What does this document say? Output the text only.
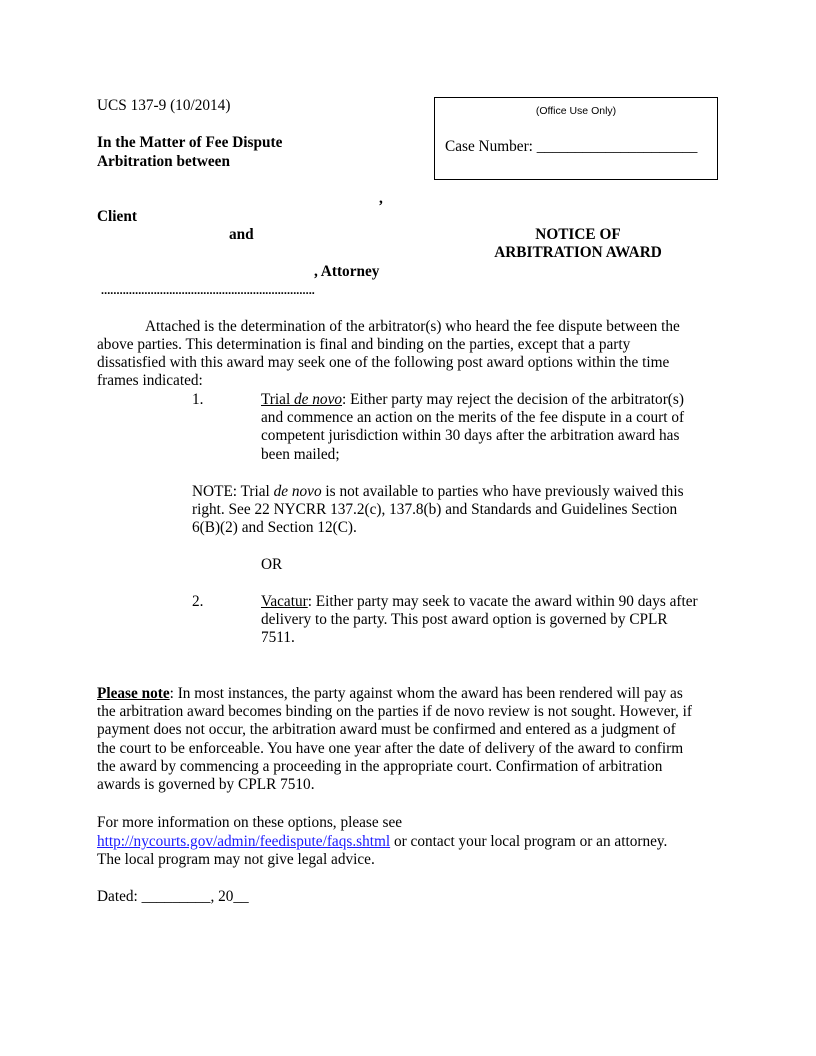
UCS 137-9 (10/2014)	(Office Use Only)
Case Number: _____________________
In the Matter of Fee Dispute
Arbitration between
,
Client
and
, Attorney
.....................................................................
NOTICE OF
ARBITRATION AWARD
Attached is the determination of the arbitrator(s) who heard the fee dispute between the
above parties. This determination is final and binding on the parties, except that a party
dissatisfied with this award may seek one of the following post award options within the time
frames indicated:
1.	Trial de novo: Either party may reject the decision of the arbitrator(s)
and commence an action on the merits of the fee dispute in a court of
competent jurisdiction within 30 days after the arbitration award has
been mailed;
NOTE: Trial de novo is not available to parties who have previously waived this
right. See 22 NYCRR 137.2(c), 137.8(b) and Standards and Guidelines Section
6(B)(2) and Section 12(C).
OR
2.	Vacatur: Either party may seek to vacate the award within 90 days after
delivery to the party. This post award option is governed by CPLR
7511.
Please note: In most instances, the party against whom the award has been rendered will pay as
the arbitration award becomes binding on the parties if de novo review is not sought. However, if
payment does not occur, the arbitration award must be confirmed and entered as a judgment of
the court to be enforceable. You have one year after the date of delivery of the award to confirm
the award by commencing a proceeding in the appropriate court. Confirmation of arbitration
awards is governed by CPLR 7510.
For more information on these options, please see
http://nycourts.gov/admin/feedispute/faqs.shtml or contact your local program or an attorney.
The local program may not give legal advice.
Dated: _________, 20__
